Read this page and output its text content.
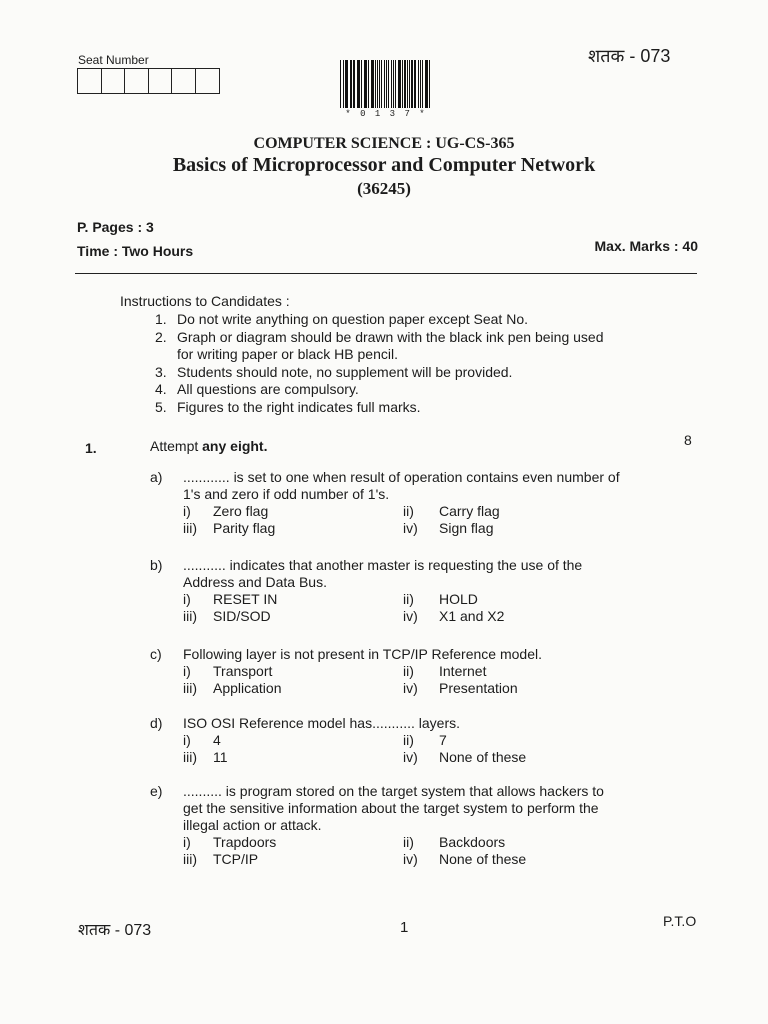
Seat Number	शतक - 073
* 0 1 3 7 *
COMPUTER SCIENCE : UG-CS-365
Basics of Microprocessor and Computer Network
(36245)
P. Pages : 3
Time : Two Hours	Max. Marks : 40
Instructions to Candidates :
1. Do not write anything on question paper except Seat No.
2. Graph or diagram should be drawn with the black ink pen being used
for writing paper or black HB pencil.
3. Students should note, no supplement will be provided.
4. All questions are compulsory.
5. Figures to the right indicates full marks.
1.	Attempt any eight.	8
a) ............ is set to one when result of operation contains even number of
1's and zero if odd number of 1's.
i)	Zero flag	ii)	Carry flag
iii)	Parity flag	iv)	Sign flag
b) ........... indicates that another master is requesting the use of the
Address and Data Bus.
i)	RESET IN	ii)	HOLD
iii)	SID/SOD	iv)	X1 and X2
c) Following layer is not present in TCP/IP Reference model.
i)	Transport	ii)	Internet
iii)	Application	iv)	Presentation
d) ISO OSI Reference model has........... layers.
i)	4	ii)	7
iii)	11	iv)	None of these
e) .......... is program stored on the target system that allows hackers to
get the sensitive information about the target system to perform the
illegal action or attack.
i)	Trapdoors	ii)	Backdoors
iii)	TCP/IP	iv)	None of these
शतक - 073	1	P.T.O
